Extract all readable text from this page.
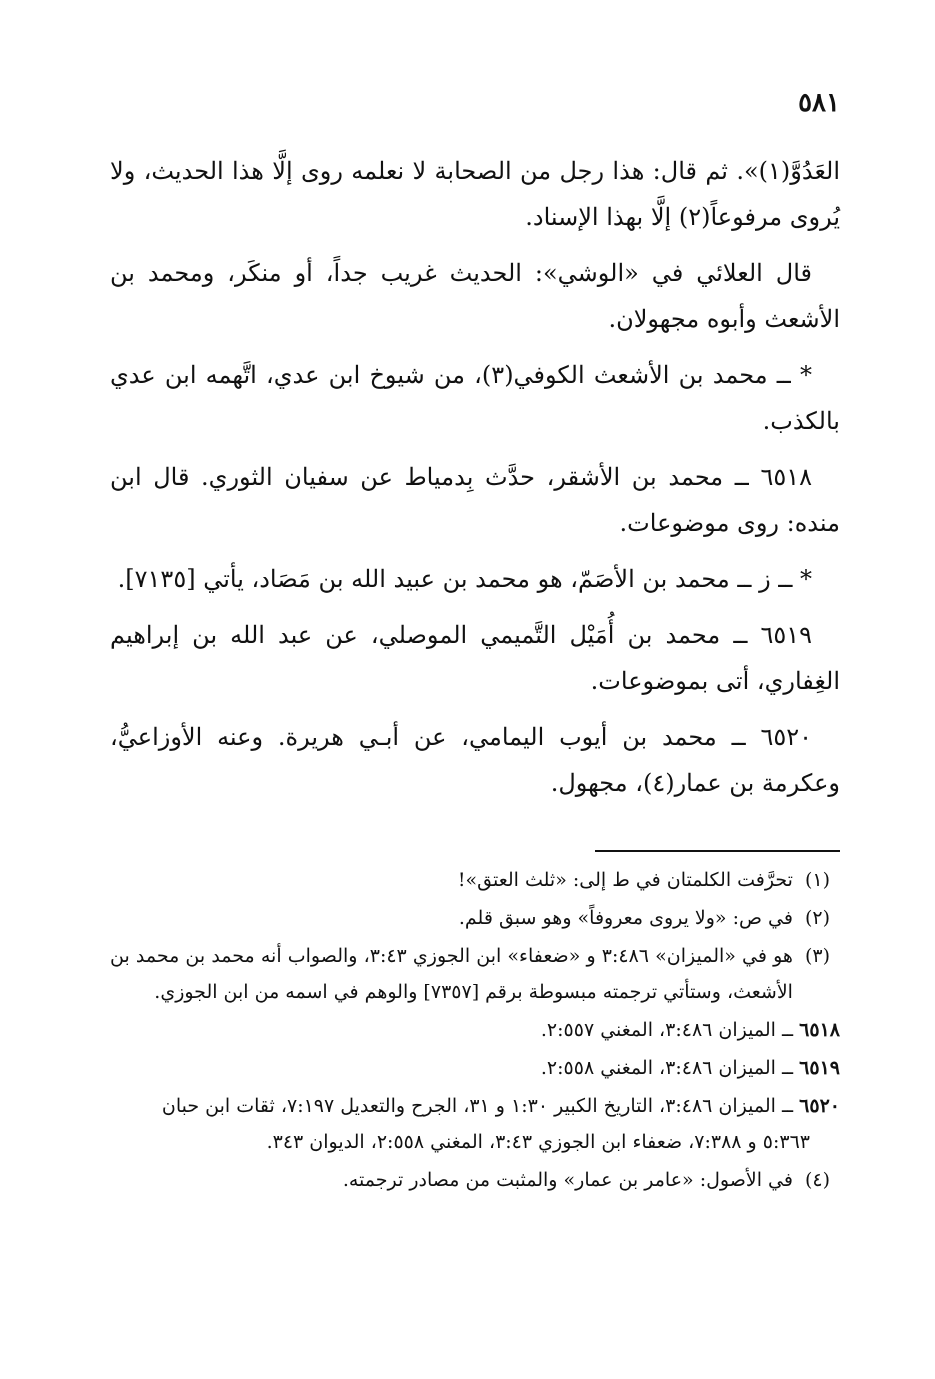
٥٨١

العَدُوَّ(١)». ثم قال: هذا رجل من الصحابة لا نعلمه روى إلَّا هذا الحديث، ولا يُروى مرفوعاً(٢) إلَّا بهذا الإسناد.

قال العلائي في «الوشي»: الحديث غريب جداً، أو منكَر، ومحمد بن الأشعث وأبوه مجهولان.

* ــ محمد بن الأشعث الكوفي(٣)، من شيوخ ابن عدي، اتَّهمه ابن عدي بالكذب.

٦٥١٨ ــ محمد بن الأشقر، حدَّث بِدمياط عن سفيان الثوري. قال ابن منده: روى موضوعات.

* ــ ز ــ محمد بن الأصَمّ، هو محمد بن عبيد الله بن مَصَاد، يأتي [٧١٣٥].

٦٥١٩ ــ محمد بن أُمَيْل التَّميمي الموصلي، عن عبد الله بن إبراهيم الغِفاري، أتى بموضوعات.

٦٥٢٠ ــ محمد بن أيوب اليمامي، عن أبـي هريرة. وعنه الأوزاعيُّ، وعكرمة بن عمار(٤)، مجهول.

(١)
تحرَّفت الكلمتان في ط إلى: «ثلث العتق»!
(٢)
في ص: «ولا يروى معروفاً» وهو سبق قلم.
(٣)
هو في «الميزان» ٣:٤٨٦ و «ضعفاء» ابن الجوزي ٣:٤٣، والصواب أنه محمد بن محمد بن الأشعث، وستأتي ترجمته مبسوطة برقم [٧٣٥٧] والوهم في اسمه من ابن الجوزي.
٦٥١٨ ــ الميزان ٣:٤٨٦، المغني ٢:٥٥٧.
٦٥١٩ ــ الميزان ٣:٤٨٦، المغني ٢:٥٥٨.
٦٥٢٠ ــ الميزان ٣:٤٨٦، التاريخ الكبير ١:٣٠ و ٣١، الجرح والتعديل ٧:١٩٧، ثقات ابن حبان
٥:٣٦٣ و ٧:٣٨٨، ضعفاء ابن الجوزي ٣:٤٣، المغني ٢:٥٥٨، الديوان ٣٤٣.
(٤)
في الأصول: «عامر بن عمار» والمثبت من مصادر ترجمته.
